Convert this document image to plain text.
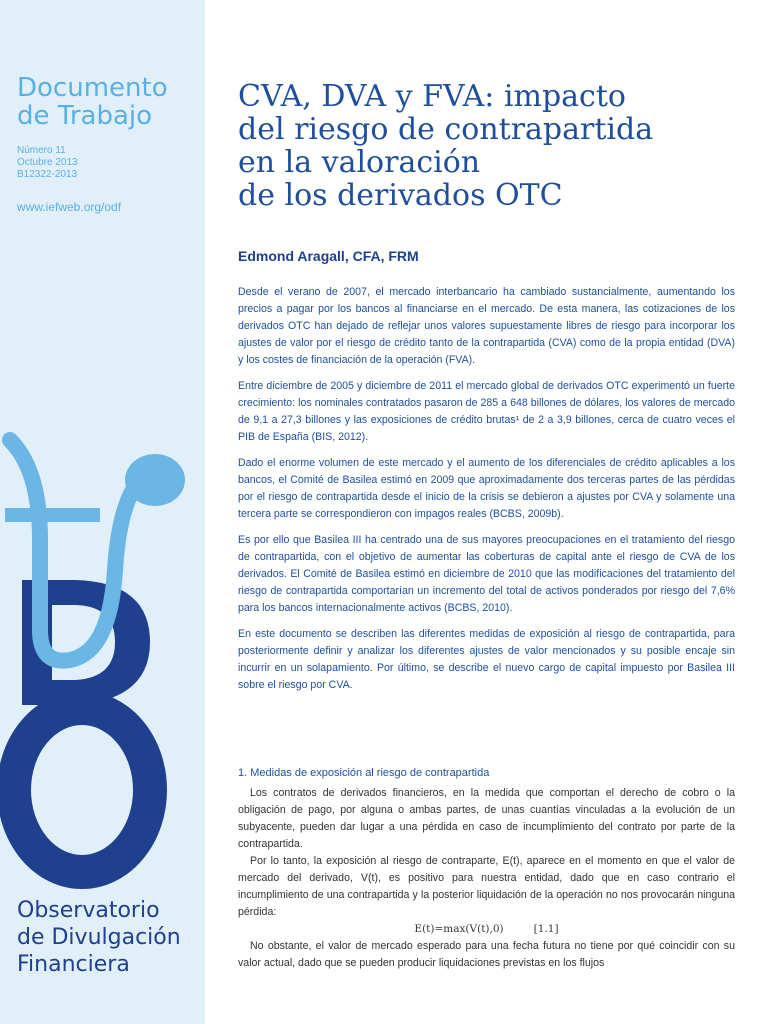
Documento
de Trabajo
Número 11
Octubre 2013
B12322-2013
www.iefweb.org/odf
Observatorio
de Divulgación
Financiera
CVA, DVA y FVA: impacto
del riesgo de contrapartida
en la valoración
de los derivados OTC
Edmond Aragall, CFA, FRM

Desde el verano de 2007, el mercado interbancario ha cambiado sustancialmente, aumentando los precios a pagar por los bancos al financiarse en el mercado. De esta manera, las cotizaciones de los derivados OTC han dejado de reflejar unos valores supuestamente libres de riesgo para incorporar los ajustes de valor por el riesgo de crédito tanto de la contrapartida (CVA) como de la propia entidad (DVA) y los costes de financiación de la operación (FVA).

Entre diciembre de 2005 y diciembre de 2011 el mercado global de derivados OTC experimentó un fuerte crecimiento: los nominales contratados pasaron de 285 a 648 billones de dólares, los valores de mercado de 9,1 a 27,3 billones y las exposiciones de crédito brutas¹ de 2 a 3,9 billones, cerca de cuatro veces el PIB de España (BIS, 2012).

Dado el enorme volumen de este mercado y el aumento de los diferenciales de crédito aplicables a los bancos, el Comité de Basilea estimó en 2009 que aproximadamente dos terceras partes de las pérdidas por el riesgo de contrapartida desde el inicio de la crisis se debieron a ajustes por CVA y solamente una tercera parte se correspondieron con impagos reales (BCBS, 2009b).

Es por ello que Basilea III ha centrado una de sus mayores preocupaciones en el tratamiento del riesgo de contrapartida, con el objetivo de aumentar las coberturas de capital ante el riesgo de CVA de los derivados. El Comité de Basilea estimó en diciembre de 2010 que las modificaciones del tratamiento del riesgo de contrapartida comportarían un incremento del total de activos ponderados por riesgo del 7,6% para los bancos internacionalmente activos (BCBS, 2010).

En este documento se describen las diferentes medidas de exposición al riesgo de contrapartida, para posteriormente definir y analizar los diferentes ajustes de valor mencionados y su posible encaje sin incurrir en un solapamiento. Por último, se describe el nuevo cargo de capital impuesto por Basilea III sobre el riesgo por CVA.

1. Medidas de exposición al riesgo de contrapartida

Los contratos de derivados financieros, en la medida que comportan el derecho de cobro o la obligación de pago, por alguna o ambas partes, de unas cuantías vinculadas a la evolución de un subyacente, pueden dar lugar a una pérdida en caso de incumplimiento del contrato por parte de la contrapartida.

Por lo tanto, la exposición al riesgo de contraparte, E(t), aparece en el momento en que el valor de mercado del derivado, V(t), es positivo para nuestra entidad, dado que en caso contrario el incumplimiento de una contrapartida y la posterior liquidación de la operación no nos provocarán ninguna pérdida:

E(t)=max(V(t),0)	[1.1]

No obstante, el valor de mercado esperado para una fecha futura no tiene por qué coincidir con su valor actual, dado que se pueden producir liquidaciones previstas en los flujos
